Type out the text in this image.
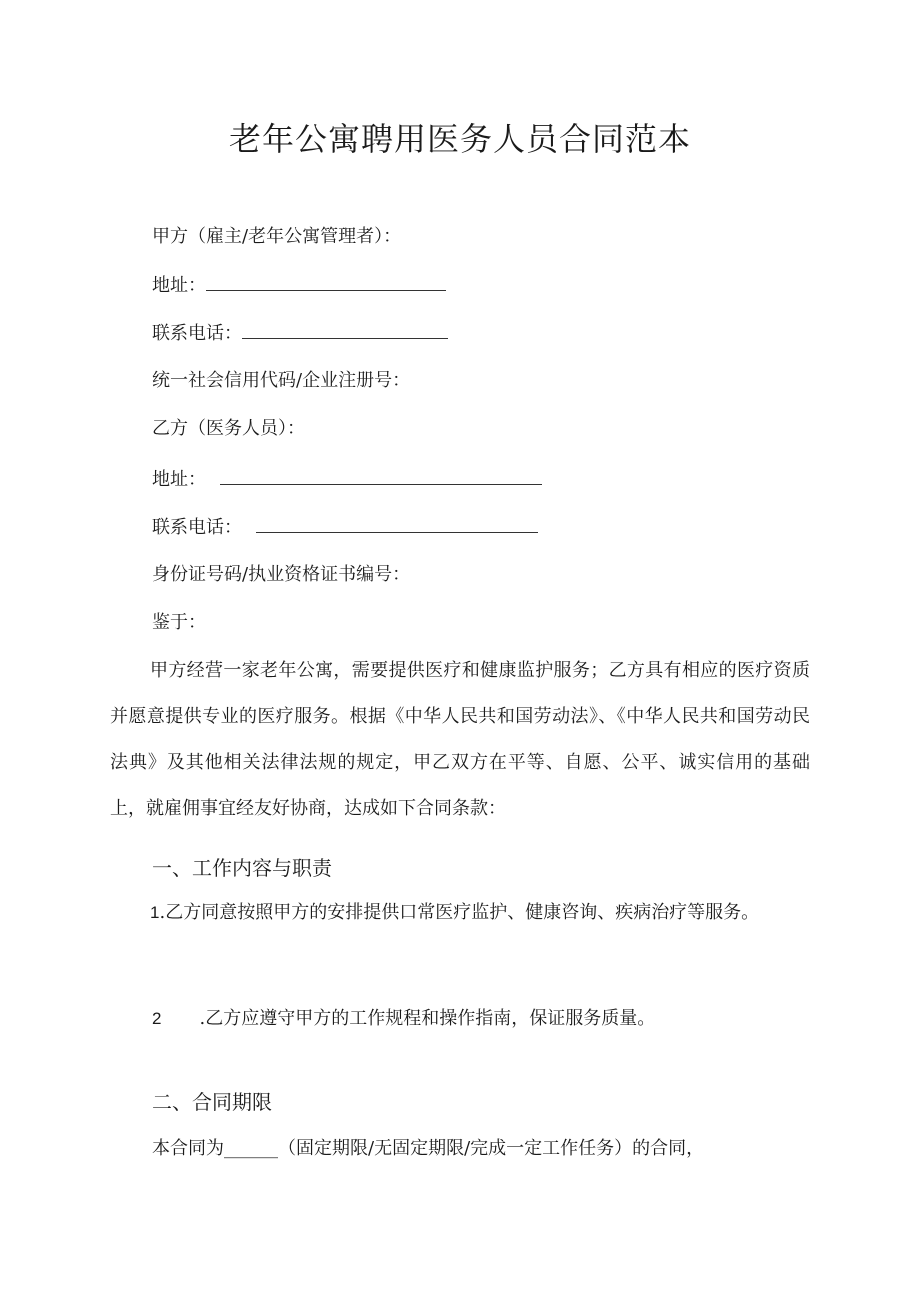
老年公寓聘用医务人员合同范本
甲方（雇主/老年公寓管理者）：
地址：
联系电话：
统一社会信用代码/企业注册号：
乙方（医务人员）：
地址：
联系电话：
身份证号码/执业资格证书编号：
鉴于：

甲方经营一家老年公寓，需要提供医疗和健康监护服务；乙方具有相应的医疗资质并愿意提供专业的医疗服务。根据《中华人民共和国劳动法》、《中华人民共和国劳动民法典》及其他相关法律法规的规定，甲乙双方在平等、自愿、公平、诚实信用的基础上，就雇佣事宜经友好协商，达成如下合同条款：

一、工作内容与职责

1.乙方同意按照甲方的安排提供口常医疗监护、健康咨询、疾病治疗等服务。

2 .乙方应遵守甲方的工作规程和操作指南，保证服务质量。
二、合同期限
本合同为______（固定期限/无固定期限/完成一定工作任务）的合同，
